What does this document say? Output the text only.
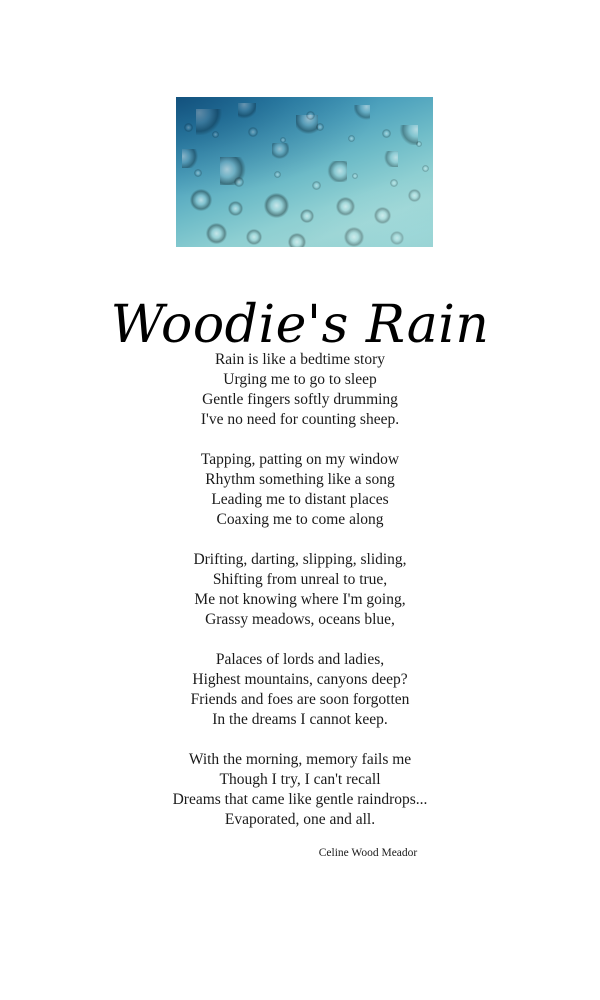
Woodie's Rain
Rain is like a bedtime story
Urging me to go to sleep
Gentle fingers softly drumming
I've no need for counting sheep.
Tapping, patting on my window
Rhythm something like a song
Leading me to distant places
Coaxing me to come along
Drifting, darting, slipping, sliding,
Shifting from unreal to true,
Me not knowing where I'm going,
Grassy meadows, oceans blue,
Palaces of lords and ladies,
Highest mountains, canyons deep?
Friends and foes are soon forgotten
In the dreams I cannot keep.
With the morning, memory fails me
Though I try, I can't recall
Dreams that came like gentle raindrops...
Evaporated, one and all.
Celine Wood Meador
